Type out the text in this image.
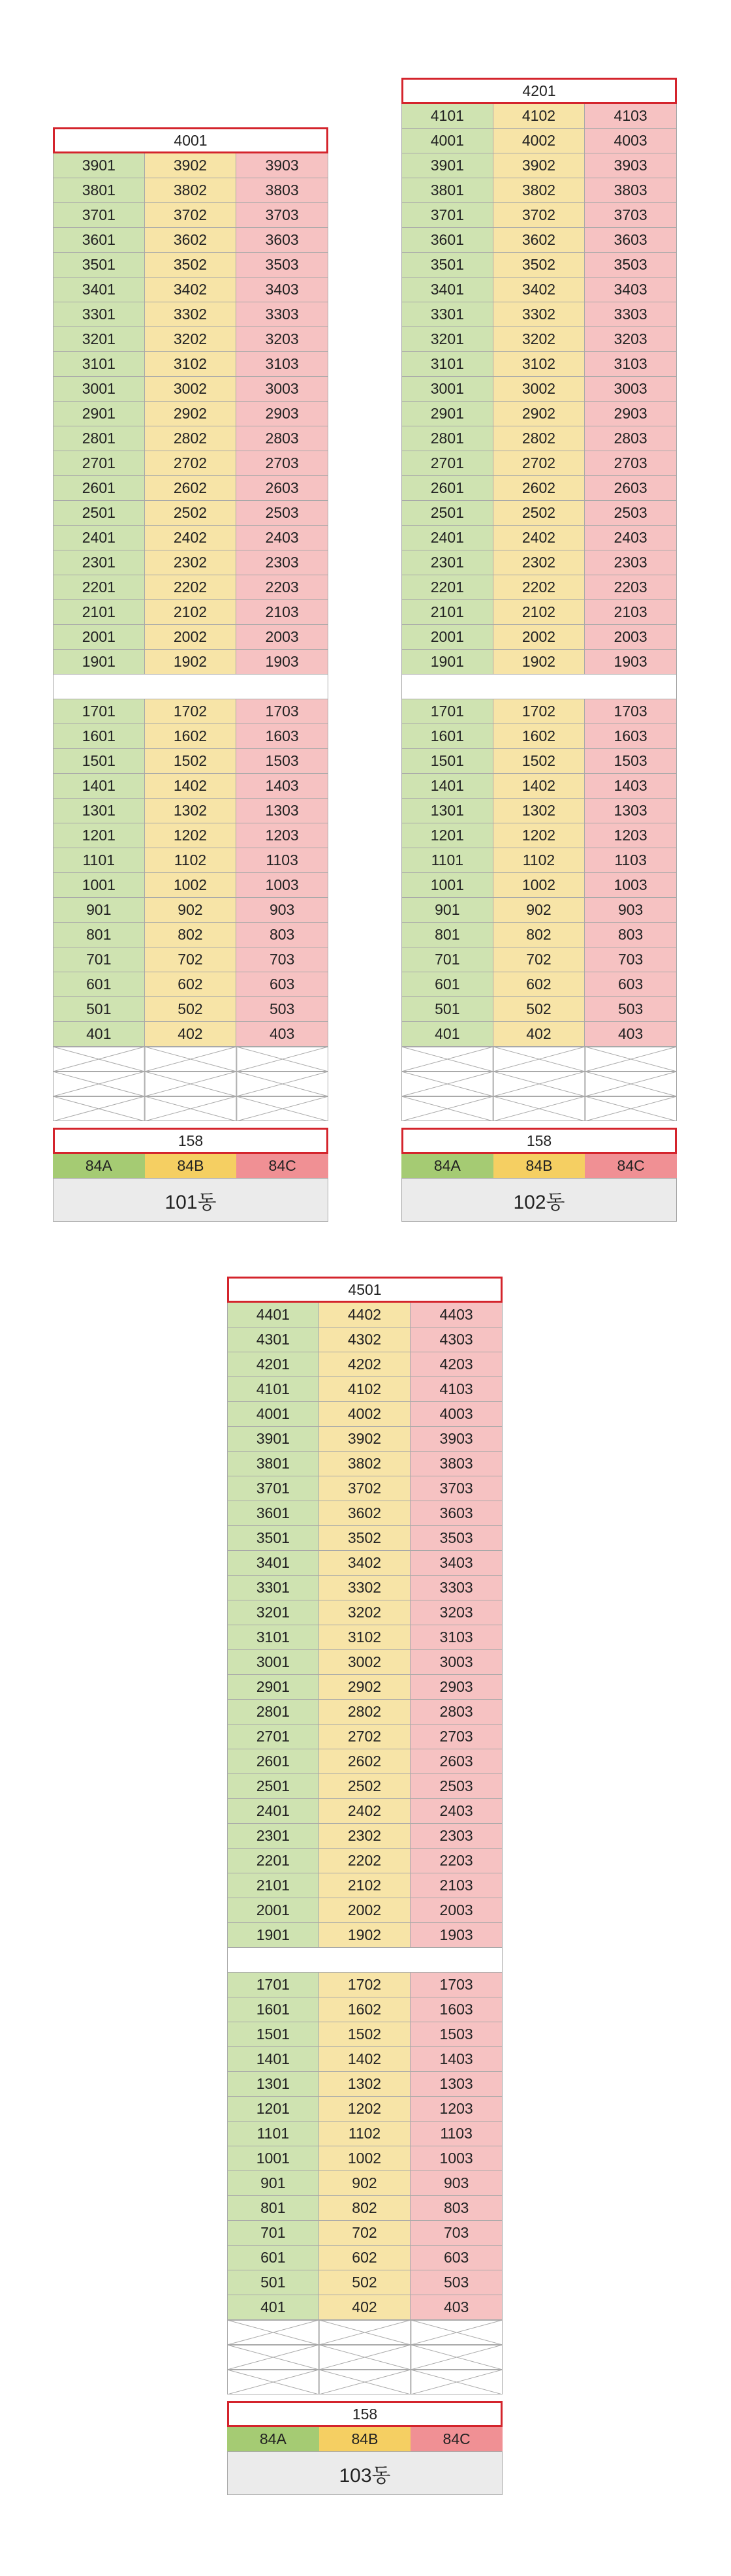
4001
3901	3902	3903
3801	3802	3803
3701	3702	3703
3601	3602	3603
3501	3502	3503
3401	3402	3403
3301	3302	3303
3201	3202	3203
3101	3102	3103
3001	3002	3003
2901	2902	2903
2801	2802	2803
2701	2702	2703
2601	2602	2603
2501	2502	2503
2401	2402	2403
2301	2302	2303
2201	2202	2203
2101	2102	2103
2001	2002	2003
1901	1902	1903
1701	1702	1703
1601	1602	1603
1501	1502	1503
1401	1402	1403
1301	1302	1303
1201	1202	1203
1101	1102	1103
1001	1002	1003
901	902	903
801	802	803
701	702	703
601	602	603
501	502	503
401	402	403
158
84A	84B	84C
101동
4201
4101	4102	4103
4001	4002	4003
3901	3902	3903
3801	3802	3803
3701	3702	3703
3601	3602	3603
3501	3502	3503
3401	3402	3403
3301	3302	3303
3201	3202	3203
3101	3102	3103
3001	3002	3003
2901	2902	2903
2801	2802	2803
2701	2702	2703
2601	2602	2603
2501	2502	2503
2401	2402	2403
2301	2302	2303
2201	2202	2203
2101	2102	2103
2001	2002	2003
1901	1902	1903
1701	1702	1703
1601	1602	1603
1501	1502	1503
1401	1402	1403
1301	1302	1303
1201	1202	1203
1101	1102	1103
1001	1002	1003
901	902	903
801	802	803
701	702	703
601	602	603
501	502	503
401	402	403
158
84A	84B	84C
102동
4501
4401	4402	4403
4301	4302	4303
4201	4202	4203
4101	4102	4103
4001	4002	4003
3901	3902	3903
3801	3802	3803
3701	3702	3703
3601	3602	3603
3501	3502	3503
3401	3402	3403
3301	3302	3303
3201	3202	3203
3101	3102	3103
3001	3002	3003
2901	2902	2903
2801	2802	2803
2701	2702	2703
2601	2602	2603
2501	2502	2503
2401	2402	2403
2301	2302	2303
2201	2202	2203
2101	2102	2103
2001	2002	2003
1901	1902	1903
1701	1702	1703
1601	1602	1603
1501	1502	1503
1401	1402	1403
1301	1302	1303
1201	1202	1203
1101	1102	1103
1001	1002	1003
901	902	903
801	802	803
701	702	703
601	602	603
501	502	503
401	402	403
158
84A	84B	84C
103동
